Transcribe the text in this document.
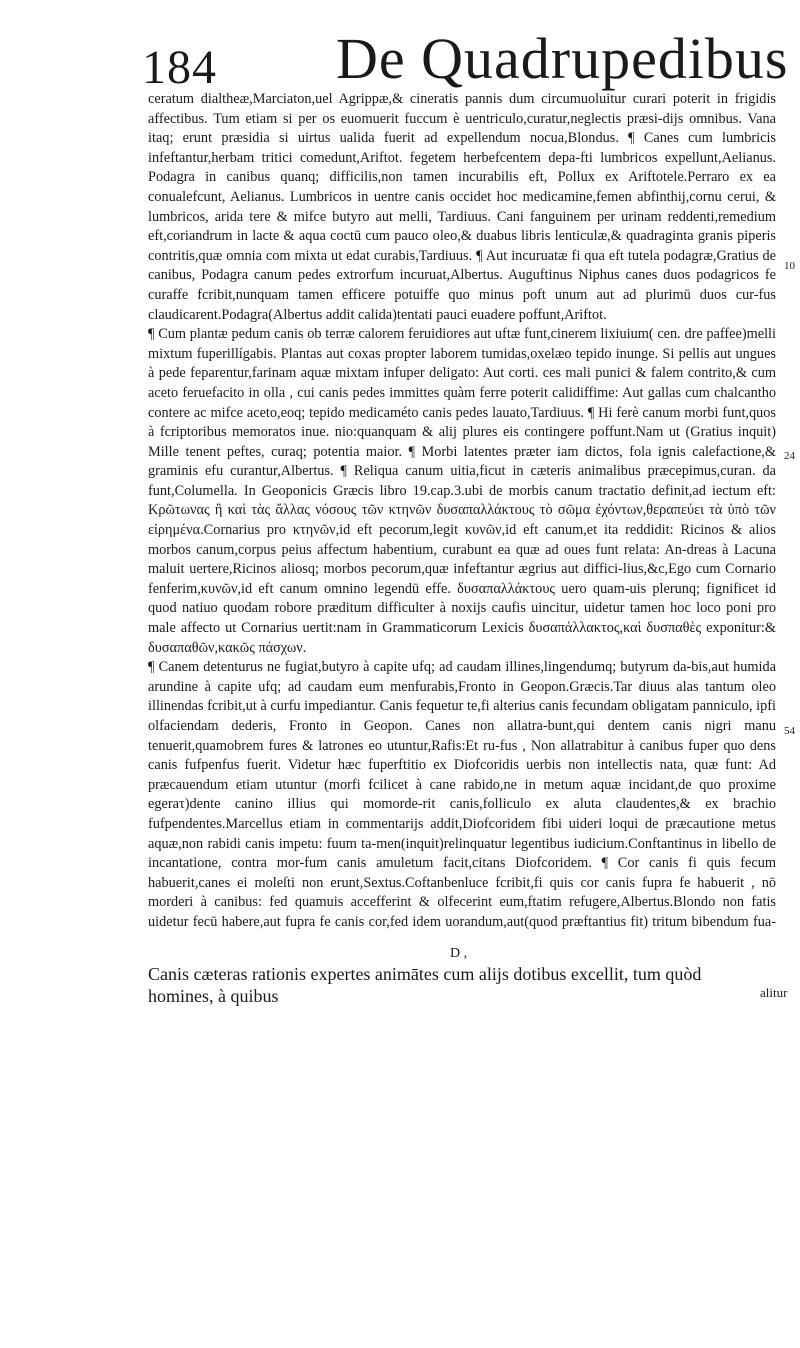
184 De Quadrupedibus

ceratum dialtheæ,Marciaton,uel Agrippæ,& cineratis pannis dum circumuoluitur curari poterit in frigidis affectibus. Tum etiam si per os euomuerit fuccum è uentriculo,curatur,neglectis præsi-dijs omnibus. Vana itaq; erunt præsidia si uirtus ualida fuerit ad expellendum nocua,Blondus. ¶ Canes cum lumbricis infeftantur,herbam tritici comedunt,Ariftot. fegetem herbefcentem depa-fti lumbricos expellunt,Aelianus. Podagra in canibus quanq; difficilis,non tamen incurabilis eft, Pollux ex Ariftotele.Perraro ex ea conualefcunt, Aelianus. Lumbricos in uentre canis occidet hoc medicamine,femen abfinthij,cornu cerui, & lumbricos, arida tere & mifce butyro aut melli, Tardiuus. Cani fanguinem per urinam reddenti,remedium eft,coriandrum in lacte & aqua coctū cum pauco oleo,& duabus libris lenticulæ,& quadraginta granis piperis contritis,quæ omnia com mixta ut edat curabis,Tardiuus. ¶ Aut incuruatæ fi qua eft tutela podagræ,Gratius de canibus, Podagra canum pedes extrorfum incuruat,Albertus. Auguftinus Niphus canes duos podagricos fe curaffe fcribit,nunquam tamen efficere potuiffe quo minus poft unum aut ad plurimū duos cur-fus claudicarent.Podagra(Albertus addit calida)tentati pauci euadere poffunt,Ariftot.

¶ Cum plantæ pedum canis ob terræ calorem feruidiores aut uftæ funt,cinerem lixiuium( cen. dre paffee)melli mixtum fuperillígabis. Plantas aut coxas propter laborem tumidas,oxelæo tepido inunge. Si pellis aut ungues à pede feparentur,farinam aquæ mixtam infuper deligato: Aut corti. ces mali punici & falem contrito,& cum aceto feruefacito in olla , cui canis pedes immittes quàm ferre poterit calidiffime: Aut gallas cum chalcantho contere ac mifce aceto,eoq; tepido medicaméto canis pedes lauato,Tardiuus. ¶ Hi ferè canum morbi funt,quos à fcriptoribus memoratos inue. nio:quanquam & alij plures eis contingere poffunt.Nam ut (Gratius inquit) Mille tenent peftes, curaq; potentia maior. ¶ Morbi latentes præter iam dictos, fola ignis calefactione,& graminis efu curantur,Albertus. ¶ Reliqua canum uitia,ficut in cæteris animalibus præcepimus,curan. da funt,Columella. In Geoponicis Græcis libro 19.cap.3.ubi de morbis canum tractatio definit,ad iectum eft: Κρῶτωνας ἢ καὶ τὰς ἄλλας νόσους τῶν κτηνῶν δυσαπαλλάκτους τὸ σῶμα ἐχόντων,θεραπεύει τὰ ὑπὸ τῶν εἰρημένα.Cornarius pro κτηνῶν,id eft pecorum,legit κυνῶν,id eft canum,et ita reddidit: Ricinos & alios morbos canum,corpus peius affectum habentium, curabunt ea quæ ad oues funt relata: An-dreas à Lacuna maluit uertere,Ricinos aliosq; morbos pecorum,quæ infeftantur ægrius aut diffici-lius,&c,Ego cum Cornario fenferim,κυνῶν,id eft canum omnino legendū effe. δυσαπαλλάκτους uero quam-uis plerunq; fignificet id quod natiuo quodam robore præditum difficulter à noxijs caufis uincitur, uidetur tamen hoc loco poni pro male affecto ut Cornarius uertit:nam in Grammaticorum Lexicis δυσαπάλλακτος,καὶ δυσπαθὲς exponitur:& δυσαπαθῶν,κακῶς πάσχων.

¶ Canem detenturus ne fugiat,butyro à capite ufq; ad caudam illines,lingendumq; butyrum da-bis,aut humida arundine à capite ufq; ad caudam eum menfurabis,Fronto in Geopon.Græcis.Tar diuus alas tantum oleo illinendas fcribit,ut à curfu impediantur. Canis fequetur te,fi alterius canis fecundam obligatam panniculo, ipfi olfaciendam dederis, Fronto in Geopon. Canes non allatra-bunt,qui dentem canis nigri manu tenuerit,quamobrem fures & latrones eo utuntur,Rafis:Et ru-fus , Non allatrabitur à canibus fuper quo dens canis fufpenfus fuerit. Videtur hæc fuperftitio ex Diofcoridis uerbis non intellectis nata, quæ funt: Ad præcauendum etiam utuntur (morfi fcilicet à cane rabido,ne in metum aquæ incidant,de quo proxime egeraτ)dente canino illius qui momorde-rit canis,folliculo ex aluta claudentes,& ex brachio fufpendentes.Marcellus etiam in commentarijs addit,Diofcoridem fibi uideri loqui de præcautione metus aquæ,non rabidi canis impetu: fuum ta-men(inquit)relinquatur legentibus iudicium.Conftantinus in libello de incantatione, contra mor-fum canis amuletum facit,citans Diofcoridem. ¶ Cor canis fi quis fecum habuerit,canes ei moleſti non erunt,Sextus.Coftanbenluce fcribit,fi quis cor canis fupra fe habuerit , nō morderi à canibus: fed quamuis accefferint & olfecerint eum,ftatim refugere,Albertus.Blondo non fatis uidetur fecū habere,aut fupra fe canis cor,fed idem uorandum,aut(quod præftantius fit) tritum bibendum fua-

10
24
54
D ,
Canis cæteras rationis expertes animātes cum alijs dotibus excellit, tum quòd homines, à quibus	alitur
